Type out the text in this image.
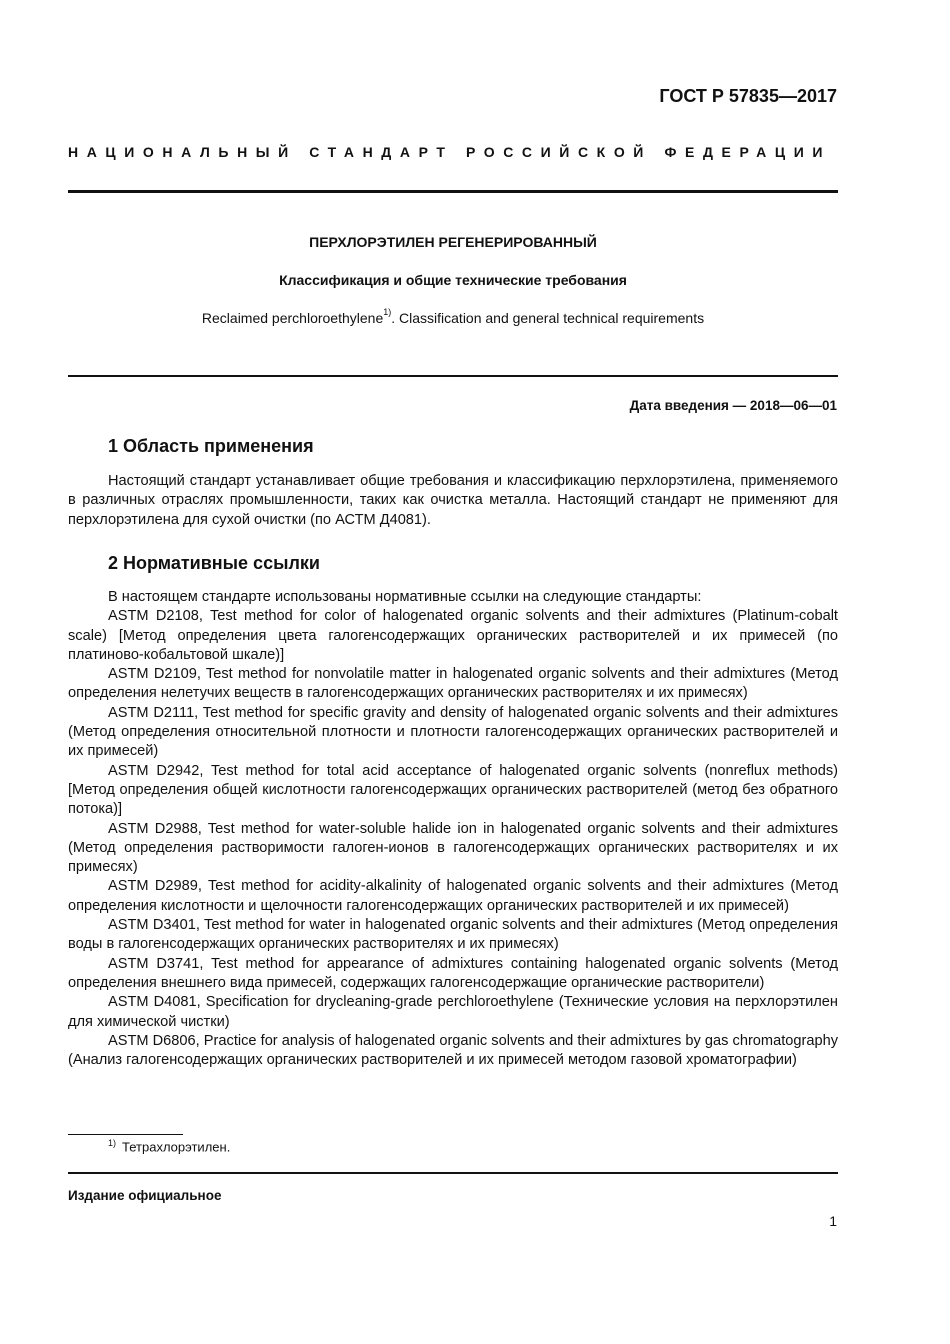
ГОСТ Р 57835—2017
НАЦИОНАЛЬНЫЙ СТАНДАРТ РОССИЙСКОЙ ФЕДЕРАЦИИ
ПЕРХЛОРЭТИЛЕН РЕГЕНЕРИРОВАННЫЙ
Классификация и общие технические требования
Reclaimed perchloroethylene$^{1)}$. Classification and general technical requirements
Дата введения — 2018—06—01
1 Область применения

Настоящий стандарт устанавливает общие требования и классификацию перхлорэтилена, применяемого в различных отраслях промышленности, таких как очистка металла. Настоящий стандарт не применяют для перхлорэтилена для сухой очистки (по АСТМ Д4081).

2 Нормативные ссылки

В настоящем стандарте использованы нормативные ссылки на следующие стандарты:

ASTM D2108, Test method for color of halogenated organic solvents and their admixtures (Platinum-cobalt scale) [Метод определения цвета галогенсодержащих органических растворителей и их примесей (по платиново-кобальтовой шкале)]

ASTM D2109, Test method for nonvolatile matter in halogenated organic solvents and their admixtures (Метод определения нелетучих веществ в галогенсодержащих органических растворителях и их примесях)

ASTM D2111, Test method for specific gravity and density of halogenated organic solvents and their admixtures (Метод определения относительной плотности и плотности галогенсодержащих органических растворителей и их примесей)

ASTM D2942, Test method for total acid acceptance of halogenated organic solvents (nonreflux methods) [Метод определения общей кислотности галогенсодержащих органических растворителей (метод без обратного потока)]

ASTM D2988, Test method for water-soluble halide ion in halogenated organic solvents and their admixtures (Метод определения растворимости галоген-ионов в галогенсодержащих органических растворителях и их примесях)

ASTM D2989, Test method for acidity-alkalinity of halogenated organic solvents and their admixtures (Метод определения кислотности и щелочности галогенсодержащих органических растворителей и их примесей)

ASTM D3401, Test method for water in halogenated organic solvents and their admixtures (Метод определения воды в галогенсодержащих органических растворителях и их примесях)

ASTM D3741, Test method for appearance of admixtures containing halogenated organic solvents (Метод определения внешнего вида примесей, содержащих галогенсодержащие органические растворители)

ASTM D4081, Specification for drycleaning-grade perchloroethylene (Технические условия на перхлорэтилен для химической чистки)

ASTM D6806, Practice for analysis of halogenated organic solvents and their admixtures by gas chromatography (Анализ галогенсодержащих органических растворителей и их примесей методом газовой хроматографии)

$^{1)}$ Тетрахлорэтилен.
Издание официальное
1
